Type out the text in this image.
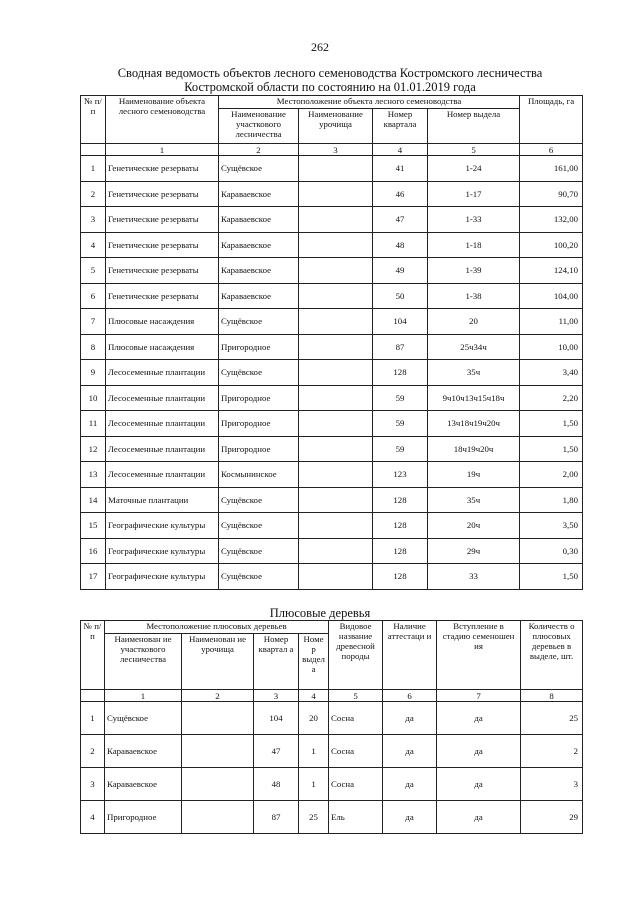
262
Сводная ведомость объектов лесного семеноводства Костромского лесничества
Костромской области по состоянию на 01.01.2019 года
№ п/п	Наименование объекта лесного семеноводства	Местоположение объекта лесного семеноводства				Площадь, га
		Наименование участкового лесничества	Наименование урочища	Номер квартала	Номер выдела	
	1	2	3	4	5	6
1	Генетические резерваты	Сущёвское		41	1-24	161,00
2	Генетические резерваты	Караваевское		46	1-17	90,70
3	Генетические резерваты	Караваевское		47	1-33	132,00
4	Генетические резерваты	Караваевское		48	1-18	100,20
5	Генетические резерваты	Караваевское		49	1-39	124,10
6	Генетические резерваты	Караваевское		50	1-38	104,00
7	Плюсовые насаждения	Сущёвское		104	20	11,00
8	Плюсовые насаждения	Пригородное		87	25ч34ч	10,00
9	Лесосеменные плантации	Сущёвское		128	35ч	3,40
10	Лесосеменные плантации	Пригородное		59	9ч10ч13ч15ч18ч	2,20
11	Лесосеменные плантации	Пригородное		59	13ч18ч19ч20ч	1,50
12	Лесосеменные плантации	Пригородное		59	18ч19ч20ч	1,50
13	Лесосеменные плантации	Космынинское		123	19ч	2,00
14	Маточные плантации	Сущёвское		128	35ч	1,80
15	Географические культуры	Сущёвское		128	20ч	3,50
16	Географические культуры	Сущёвское		128	29ч	0,30
17	Географические культуры	Сущёвское		128	33	1,50
Плюсовые деревья
№ п/ п	Местоположение плюсовых деревьев				Видовое название древесной породы	Наличие аттестаци и	Вступление в стадию семеношен ия	Количеств о плюсовых деревьев в выделе, шт.
	Наименован ие участкового лесничества	Наименован ие урочища	Номер квартал а	Номе р выдел а				
	1	2	3	4	5	6	7	8
1	Сущёвское		104	20	Сосна	да	да	25
2	Караваевское		47	1	Сосна	да	да	2
3	Караваевское		48	1	Сосна	да	да	3
4	Пригородное		87	25	Ель	да	да	29
